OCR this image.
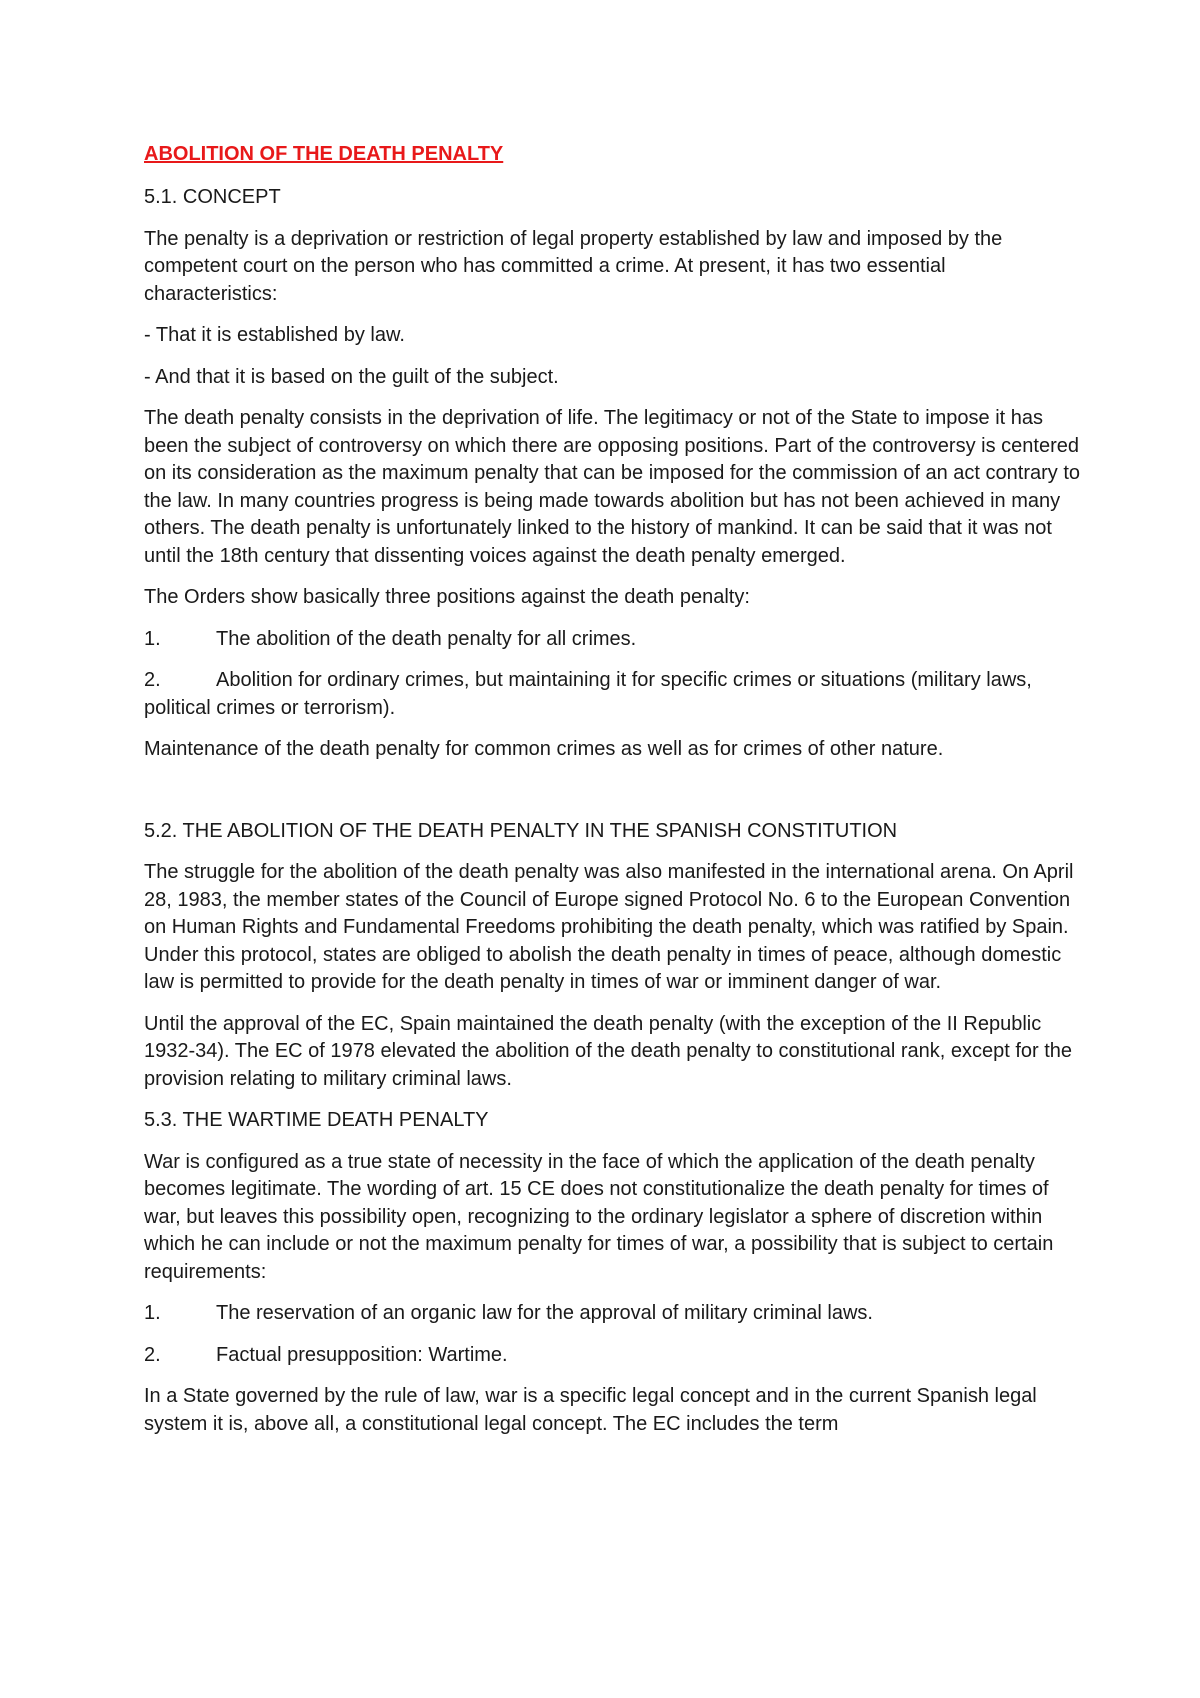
ABOLITION OF THE DEATH PENALTY

5.1. CONCEPT

The penalty is a deprivation or restriction of legal property established by law and imposed by the competent court on the person who has committed a crime. At present, it has two essential characteristics:

- That it is established by law.

- And that it is based on the guilt of the subject.

The death penalty consists in the deprivation of life. The legitimacy or not of the State to impose it has been the subject of controversy on which there are opposing positions. Part of the controversy is centered on its consideration as the maximum penalty that can be imposed for the commission of an act contrary to the law. In many countries progress is being made towards abolition but has not been achieved in many others. The death penalty is unfortunately linked to the history of mankind. It can be said that it was not until the 18th century that dissenting voices against the death penalty emerged.

The Orders show basically three positions against the death penalty:

1.	The abolition of the death penalty for all crimes.
2.	Abolition for ordinary crimes, but maintaining it for specific crimes or situations (military laws, political crimes or terrorism).

Maintenance of the death penalty for common crimes as well as for crimes of other nature.

5.2. THE ABOLITION OF THE DEATH PENALTY IN THE SPANISH CONSTITUTION

The struggle for the abolition of the death penalty was also manifested in the international arena. On April 28, 1983, the member states of the Council of Europe signed Protocol No. 6 to the European Convention on Human Rights and Fundamental Freedoms prohibiting the death penalty, which was ratified by Spain. Under this protocol, states are obliged to abolish the death penalty in times of peace, although domestic law is permitted to provide for the death penalty in times of war or imminent danger of war.

Until the approval of the EC, Spain maintained the death penalty (with the exception of the II Republic 1932-34). The EC of 1978 elevated the abolition of the death penalty to constitutional rank, except for the provision relating to military criminal laws.

5.3. THE WARTIME DEATH PENALTY

War is configured as a true state of necessity in the face of which the application of the death penalty becomes legitimate. The wording of art. 15 CE does not constitutionalize the death penalty for times of war, but leaves this possibility open, recognizing to the ordinary legislator a sphere of discretion within which he can include or not the maximum penalty for times of war, a possibility that is subject to certain requirements:

1.	The reservation of an organic law for the approval of military criminal laws.
2.	Factual presupposition: Wartime.

In a State governed by the rule of law, war is a specific legal concept and in the current Spanish legal system it is, above all, a constitutional legal concept. The EC includes the term
